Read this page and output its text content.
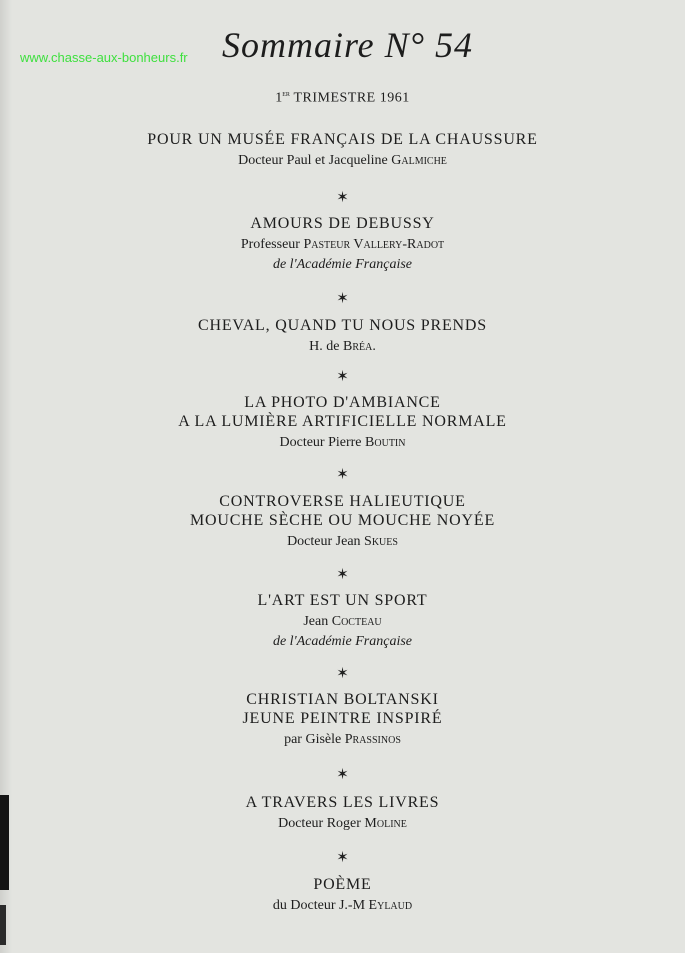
www.chasse-aux-bonheurs.fr Sommaire N° 54
1er TRIMESTRE 1961
POUR UN MUSÉE FRANÇAIS DE LA CHAUSSURE
Docteur Paul et Jacqueline Galmiche
AMOURS DE DEBUSSY
Professeur Pasteur Vallery-Radot
de l'Académie Française
CHEVAL, QUAND TU NOUS PRENDS
H. de Bréa.
LA PHOTO D'AMBIANCE
A LA LUMIÈRE ARTIFICIELLE NORMALE
Docteur Pierre Boutin
CONTROVERSE HALIEUTIQUE
MOUCHE SÈCHE OU MOUCHE NOYÉE
Docteur Jean Skues
L'ART EST UN SPORT
Jean Cocteau
de l'Académie Française
CHRISTIAN BOLTANSKI
JEUNE PEINTRE INSPIRÉ
par Gisèle Prassinos
A TRAVERS LES LIVRES
Docteur Roger Moline
POÈME
du Docteur J.-M Eylaud
✶
✶
✶
✶
✶
✶
✶
✶
